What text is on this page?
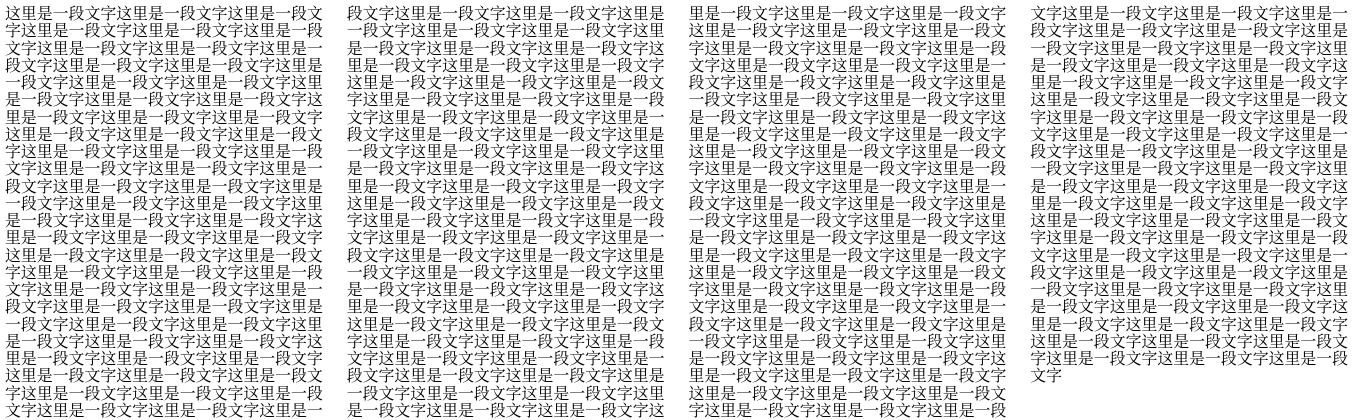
这里是一段文字这里是一段文字这里是一段文字这里是一段文字这里是一段文字这里是一段文字这里是一段文字这里是一段文字这里是一段文字这里是一段文字这里是一段文字这里是一段文字这里是一段文字这里是一段文字这里是一段文字这里是一段文字这里是一段文字这里是一段文字这里是一段文字这里是一段文字这里是一段文字这里是一段文字这里是一段文字这里是一段文字这里是一段文字这里是一段文字这里是一段文字这里是一段文字这里是一段文字这里是一段文字这里是一段文字这里是一段文字这里是一段文字这里是一段文字这里是一段文字这里是一段文字这里是一段文字这里是一段文字这里是一段文字这里是一段文字这里是一段文字这里是一段文字这里是一段文字这里是一段文字这里是一段文字这里是一段文字这里是一段文字这里是一段文字这里是一段文字这里是一段文字这里是一段文字这里是一段文字这里是一段文字这里是一段文字这里是一段文字这里是一段文字这里是一段文字这里是一段文字这里是一段文字这里是一段文字这里是一段文字这里是一段文字这里是一段文字这里是一段文字这里是一段文字这里是一段文字这里是一段文字这里是一段文字这里是一段文字这里是一段文字这里是一段文字这里是一段文字这里是一段文字这里是一段文字这里是一段文字这里是一段文字这里是一段文字这里是一段文字这里是一段文字这里是一段文字这里是一段文字这里是一段文字这里是一段文字这里是一段文字这里是一段文字这里是一段文字这里是一段文字这里是一段文字这里是一段文字这里是一段文字这里是一段文字这里是一段文字这里是一段文字这里是一段文字这里是一段文字这里是一段文字这里是一段文字这里是一段文字这里是一段文字这里是一段文字这里是一段文字这里是一段文字这里是一段文字这里是一段文字这里是一段文字这里是一段文字这里是一段文字这里是一段文字这里是一段文字这里是一段文字这里是一段文字这里是一段文字这里是一段文字这里是一段文字这里是一段文字这里是一段文字这里是一段文字这里是一段文字这里是一段文字这里是一段文字这里是一段文字这里是一段文字这里是一段文字这里是一段文字这里是一段文字这里是一段文字这里是一段文字这里是一段文字这里是一段文字这里是一段文字这里是一段文字这里是一段文字这里是一段文字这里是一段文字这里是一段文字这里是一段文字这里是一段文字这里是一段文字这里是一段文字这里是一段文字这里是一段文字这里是一段文字这里是一段文字这里是一段文字这里是一段文字这里是一段文字这里是一段文字这里是一段文字这里是一段文字这里是一段文字这里是一段文字这里是一段文字这里是一段文字这里是一段文字这里是一段文字这里是一段文字这里是一段文字这里是一段文字这里是一段文字这里是一段文字这里是一段文字这里是一段文字这里是一段文字这里是一段文字这里是一段文字这里是一段文字这里是一段文字这里是一段文字这里是一段文字这里是一段文字这里是一段文字这里是一段文字这里是一段文字这里是一段文字这里是一段文字这里是一段文字这里是一段文字这里是一段文字这里是一段文字这里是一段文字这里是一段文字这里是一段文字这里是一段文字这里是一段文字这里是一段文字这里是一段文字这里是一段文字这里是一段文字这里是一段文字这里是一段文字这里是一段文字这里是一段文字这里是一段文字这里是一段文字这里是一段文字这里是一段文字这里是一段文字这里是一段文字这里是一段文字这里是一段文字这里是一段文字这里是一段文字这里是一段文字这里是一段文字这里是一段文字这里是一段文字这里是一段文字这里是一段文字这里是一段文字这里是一段文字这里是一段文字这里是一段文字这里是一段文字这里是一段文字这里是一段文字这里是一段文字这里是一段文字这里是一段文字这里是一段文字这里是一段文字这里是一段文字这里是一段文字这里是一段文字这里是一段文字这里是一段文字这里是一段文字这里是一段文字这里是一段文字这里是一段文字这里是一段文字这里是一段文字这里是一段文字这里是一段文字这里是一段文字这里是一段文字这里是一段文字这里是一段文字这里是一段文字这里是一段文字这里是一段文字这里是一段文字这里是一段文字这里是一段文字这里是一段文字这里是一段文字这里是一段文字这里是一段文字这里是一段文字这里是一段文字这里是一段文字这里是一段文字这里是一段文字这里是一段文字这里是一段文字这里是一段文字这里是一段文字这里是一段文字这里是一段文字这里是一段文字这里是一段文字这里是一段文字这里是一段文字这里是一段文字这里是一段文字这里是一段文字这里是一段文字
